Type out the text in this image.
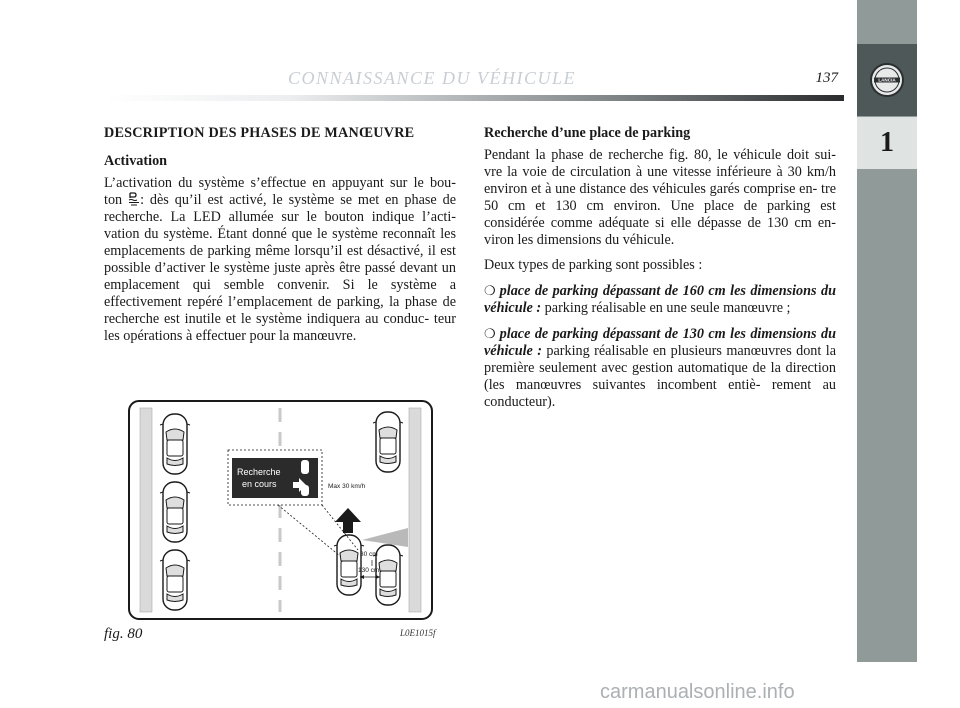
CONNAISSANCE DU VÉHICULE	137	LANCIA
1
DESCRIPTION DES PHASES DE MANŒUVRE
Activation

L’activation du système s’effectue en appuyant sur le bou- ton : dès qu’il est activé, le système se met en phase de recherche. La LED allumée sur le bouton indique l’acti- vation du système. Étant donné que le système reconnaît les emplacements de parking même lorsqu’il est désactivé, il est possible d’activer le système juste après être passé devant un emplacement qui semble convenir. Si le système a effectivement repéré l’emplacement de parking, la phase de recherche est inutile et le système indiquera au conduc- teur les opérations à effectuer pour la manœuvre.

Recherche d’une place de parking

Pendant la phase de recherche fig. 80, le véhicule doit sui- vre la voie de circulation à une vitesse inférieure à 30 km/h environ et à une distance des véhicules garés comprise en- tre 50 cm et 130 cm environ. Une place de parking est considérée comme adéquate si elle dépasse de 130 cm en- viron les dimensions du véhicule.

Deux types de parking sont possibles :

❍ place de parking dépassant de 160 cm les dimensions du véhicule : parking réalisable en une seule manœuvre ;

❍ place de parking dépassant de 130 cm les dimensions du véhicule : parking réalisable en plusieurs manœuvres dont la première seulement avec gestion automatique de la direction (les manœuvres suivantes incombent entiè- rement au conducteur).

Max 30 km/h
Recherche
en cours
30 cm
130 cm
fig. 80	L0E1015f
carmanualsonline.info
